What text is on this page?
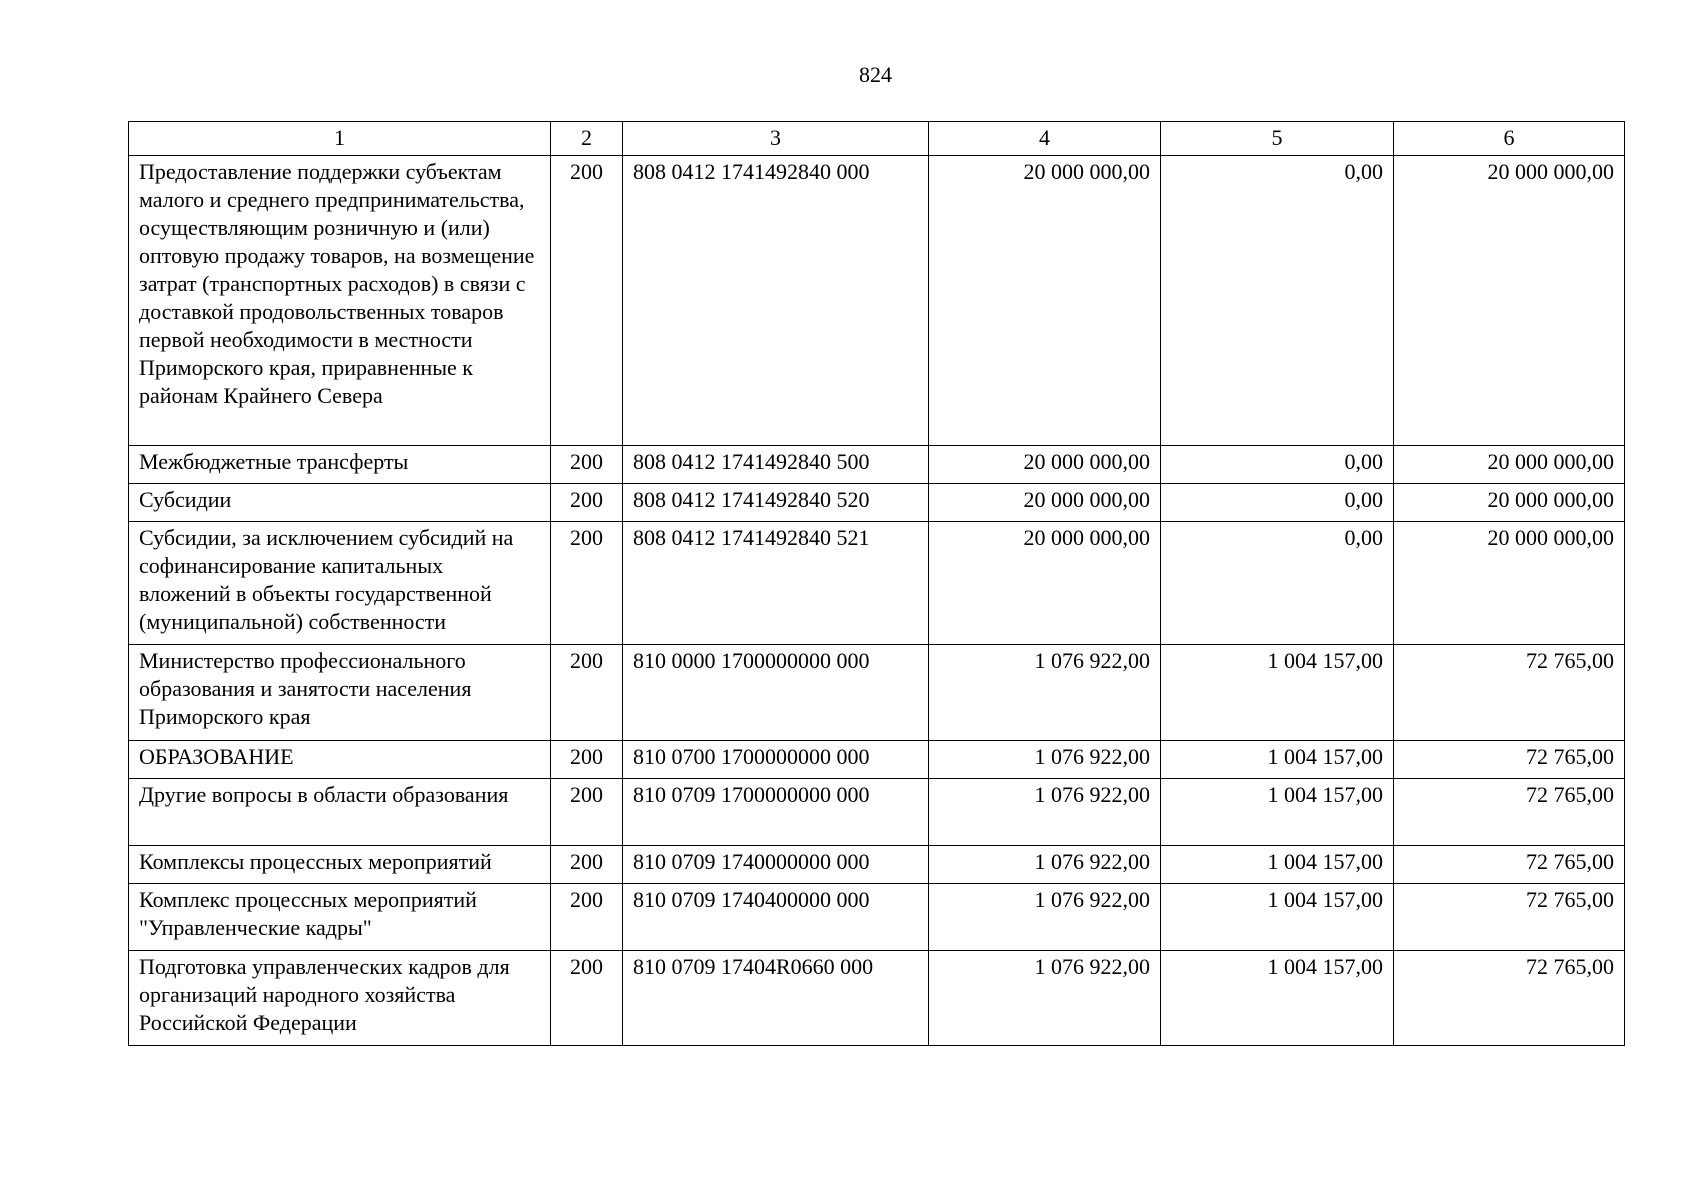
824
1	2	3	4	5	6
Предоставление поддержки субъектам малого и среднего предпринимательства, осуществляющим розничную и (или) оптовую продажу товаров, на возмещение затрат (транспортных расходов) в связи с доставкой продовольственных товаров первой необходимости в местности Приморского края, приравненные к районам Крайнего Севера	200	808 0412 1741492840 000	20 000 000,00	0,00	20 000 000,00
Межбюджетные трансферты	200	808 0412 1741492840 500	20 000 000,00	0,00	20 000 000,00
Субсидии	200	808 0412 1741492840 520	20 000 000,00	0,00	20 000 000,00
Субсидии, за исключением субсидий на софинансирование капитальных вложений в объекты государственной (муниципальной) собственности	200	808 0412 1741492840 521	20 000 000,00	0,00	20 000 000,00
Министерство профессионального образования и занятости населения Приморского края	200	810 0000 1700000000 000	1 076 922,00	1 004 157,00	72 765,00
ОБРАЗОВАНИЕ	200	810 0700 1700000000 000	1 076 922,00	1 004 157,00	72 765,00
Другие вопросы в области образования	200	810 0709 1700000000 000	1 076 922,00	1 004 157,00	72 765,00
Комплексы процессных мероприятий	200	810 0709 1740000000 000	1 076 922,00	1 004 157,00	72 765,00
Комплекс процессных мероприятий "Управленческие кадры"	200	810 0709 1740400000 000	1 076 922,00	1 004 157,00	72 765,00
Подготовка управленческих кадров для организаций народного хозяйства Российской Федерации	200	810 0709 17404R0660 000	1 076 922,00	1 004 157,00	72 765,00
